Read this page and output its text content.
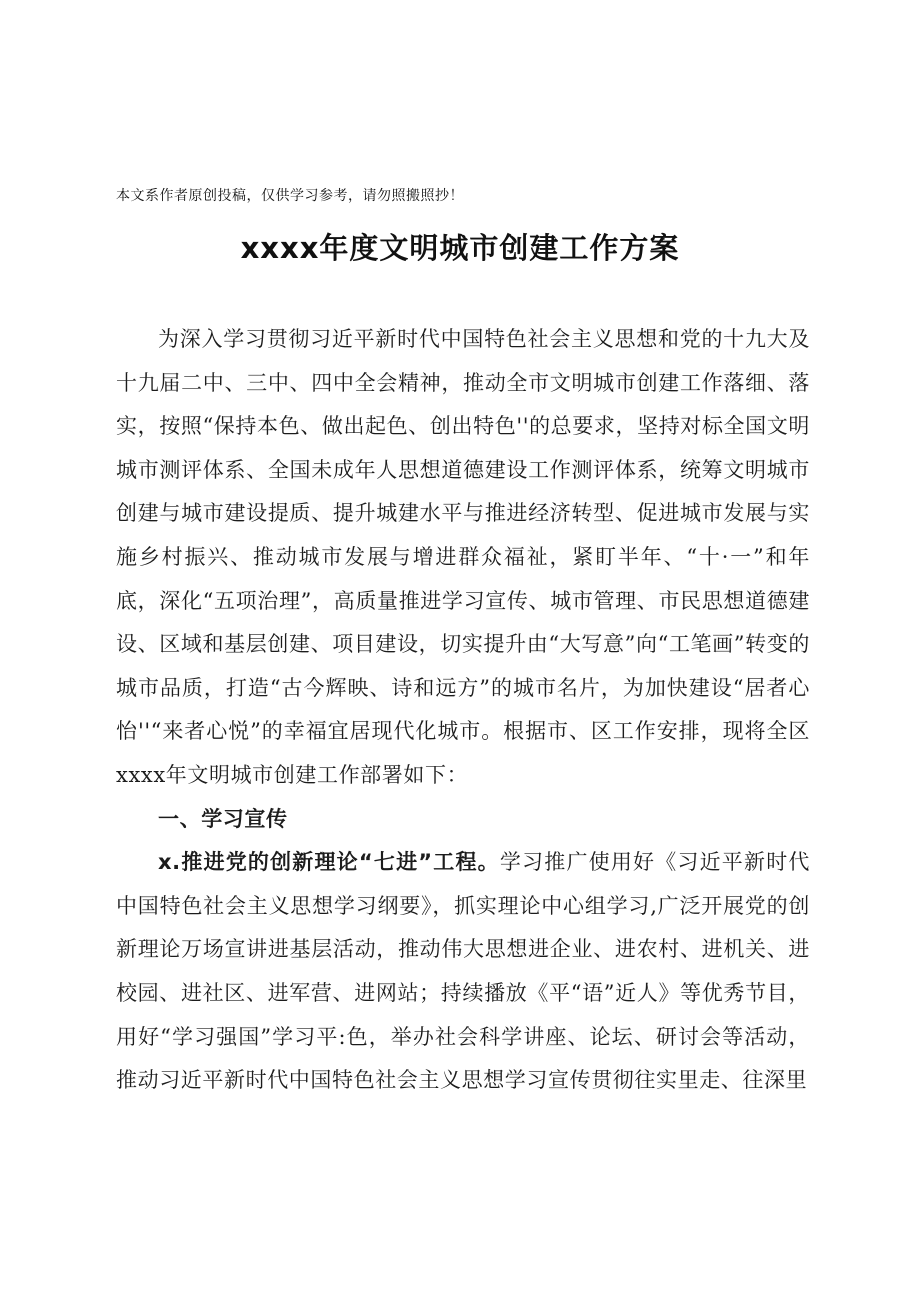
本文系作者原创投稿，仅供学习参考，请勿照搬照抄！
xxxx年度文明城市创建工作方案

为深入学习贯彻习近平新时代中国特色社会主义思想和党的十九大及十九届二中、三中、四中全会精神，推动全市文明城市创建工作落细、落实，按照“保持本色、做出起色、创出特色''的总要求，坚持对标全国文明城市测评体系、全国未成年人思想道德建设工作测评体系，统筹文明城市创建与城市建设提质、提升城建水平与推进经济转型、促进城市发展与实施乡村振兴、推动城市发展与增进群众福祉，紧盯半年、“十·一”和年底，深化“五项治理”，高质量推进学习宣传、城市管理、市民思想道德建设、区域和基层创建、项目建设，切实提升由“大写意”向“工笔画”转变的城市品质，打造“古今辉映、诗和远方”的城市名片，为加快建设“居者心怡''“来者心悦”的幸福宜居现代化城市。根据市、区工作安排，现将全区xxxx年文明城市创建工作部署如下：

一、学习宣传

x.推进党的创新理论“七进”工程。学习推广使用好《习近平新时代中国特色社会主义思想学习纲要》，抓实理论中心组学习,广泛开展党的创新理论万场宣讲进基层活动，推动伟大思想进企业、进农村、进机关、进校园、进社区、进军营、进网站；持续播放《平“语”近人》等优秀节目，用好“学习强国”学习平:色，举办社会科学讲座、论坛、研讨会等活动，推动习近平新时代中国特色社会主义思想学习宣传贯彻往实里走、往深里
